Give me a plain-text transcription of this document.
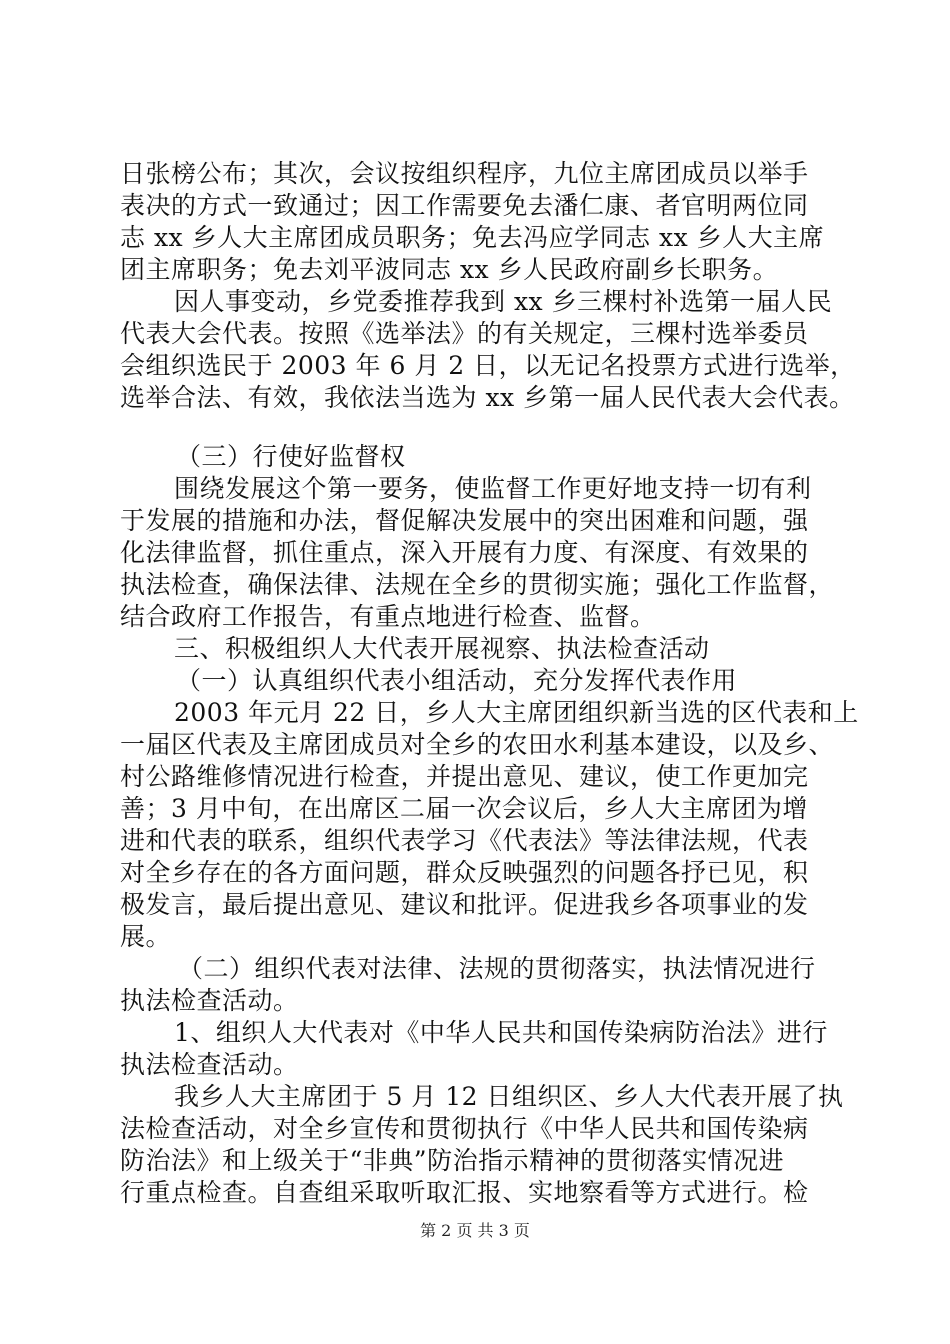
日张榜公布；其次，会议按组织程序，九位主席团成员以举手
表决的方式一致通过；因工作需要免去潘仁康、者官明两位同
志 xx 乡人大主席团成员职务；免去冯应学同志 xx 乡人大主席
团主席职务；免去刘平波同志 xx 乡人民政府副乡长职务。
因人事变动，乡党委推荐我到 xx 乡三棵村补选第一届人民
代表大会代表。按照《选举法》的有关规定，三棵村选举委员
会组织选民于 2003 年 6 月 2 日，以无记名投票方式进行选举，
选举合法、有效，我依法当选为 xx 乡第一届人民代表大会代表。
（三）行使好监督权
围绕发展这个第一要务，使监督工作更好地支持一切有利
于发展的措施和办法，督促解决发展中的突出困难和问题，强
化法律监督，抓住重点，深入开展有力度、有深度、有效果的
执法检查，确保法律、法规在全乡的贯彻实施；强化工作监督，
结合政府工作报告，有重点地进行检查、监督。
三、积极组织人大代表开展视察、执法检查活动
（一）认真组织代表小组活动，充分发挥代表作用
2003 年元月 22 日，乡人大主席团组织新当选的区代表和上
一届区代表及主席团成员对全乡的农田水利基本建设，以及乡、
村公路维修情况进行检查，并提出意见、建议，使工作更加完
善；3 月中旬，在出席区二届一次会议后，乡人大主席团为增
进和代表的联系，组织代表学习《代表法》等法律法规，代表
对全乡存在的各方面问题，群众反映强烈的问题各抒已见，积
极发言，最后提出意见、建议和批评。促进我乡各项事业的发
展。
（二）组织代表对法律、法规的贯彻落实，执法情况进行
执法检查活动。
1、组织人大代表对《中华人民共和国传染病防治法》进行
执法检查活动。
我乡人大主席团于 5 月 12 日组织区、乡人大代表开展了执
法检查活动，对全乡宣传和贯彻执行《中华人民共和国传染病
防治法》和上级关于“非典”防治指示精神的贯彻落实情况进
行重点检查。自查组采取听取汇报、实地察看等方式进行。检
第 2 页 共 3 页
